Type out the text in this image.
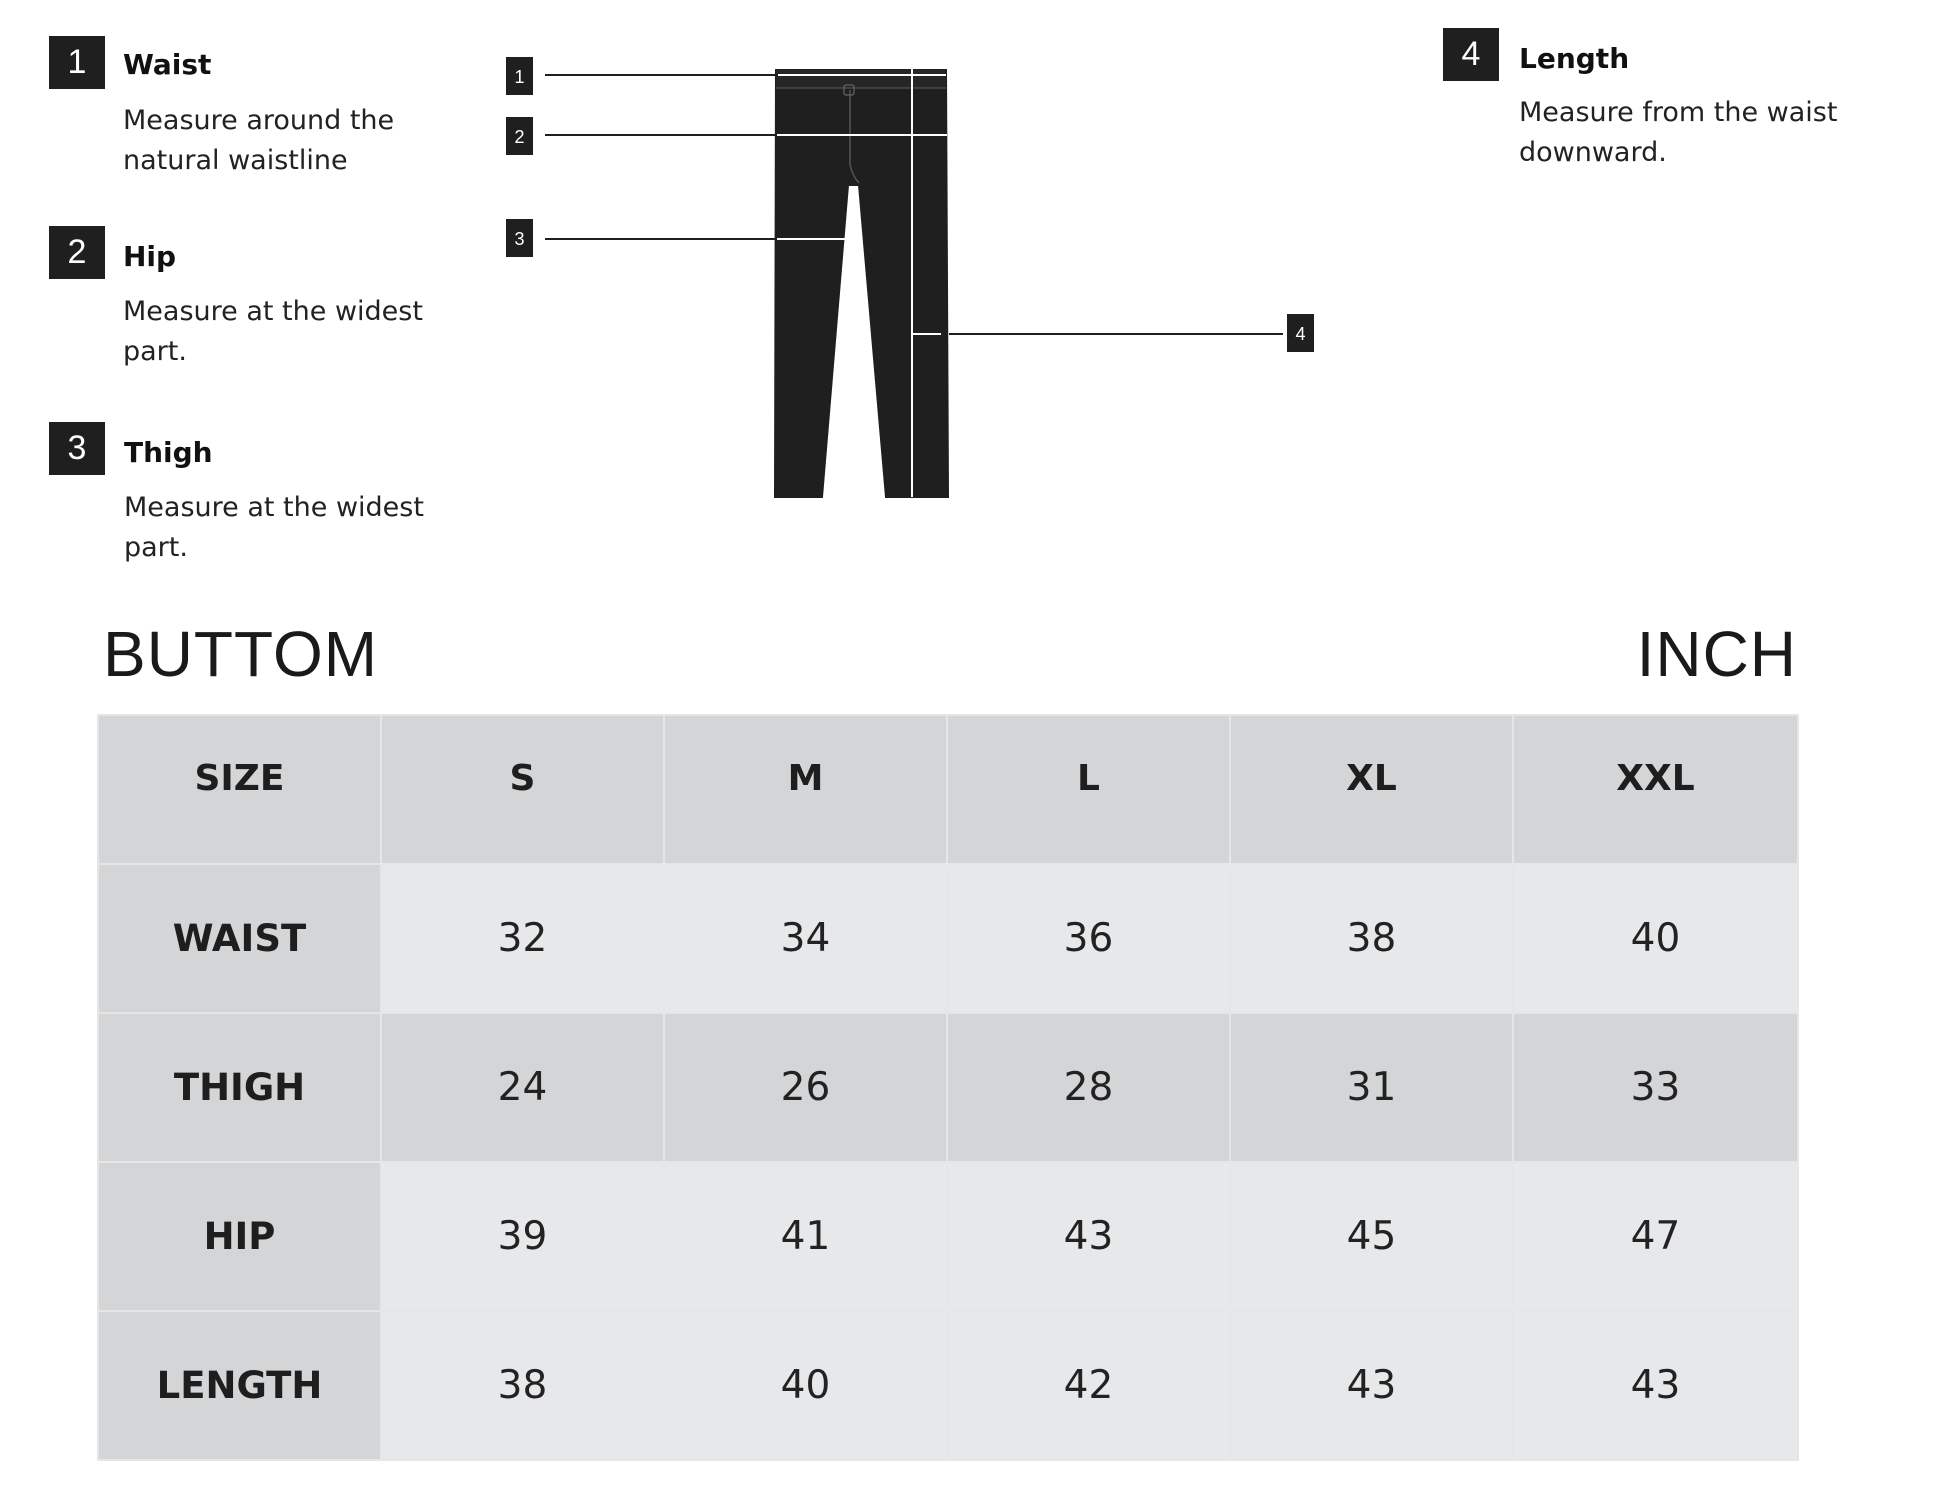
1	Waist
Measure around the natural waistline
2	Hip
Measure at the widest part.
3	Thigh
Measure at the widest part.
4	Length
Measure from the waist downward.
1
2
3
4
BUTTOM	INCH
SIZE	S	M	L	XL	XXL
WAIST	32	34	36	38	40
THIGH	24	26	28	31	33
HIP	39	41	43	45	47
LENGTH	38	40	42	43	43
